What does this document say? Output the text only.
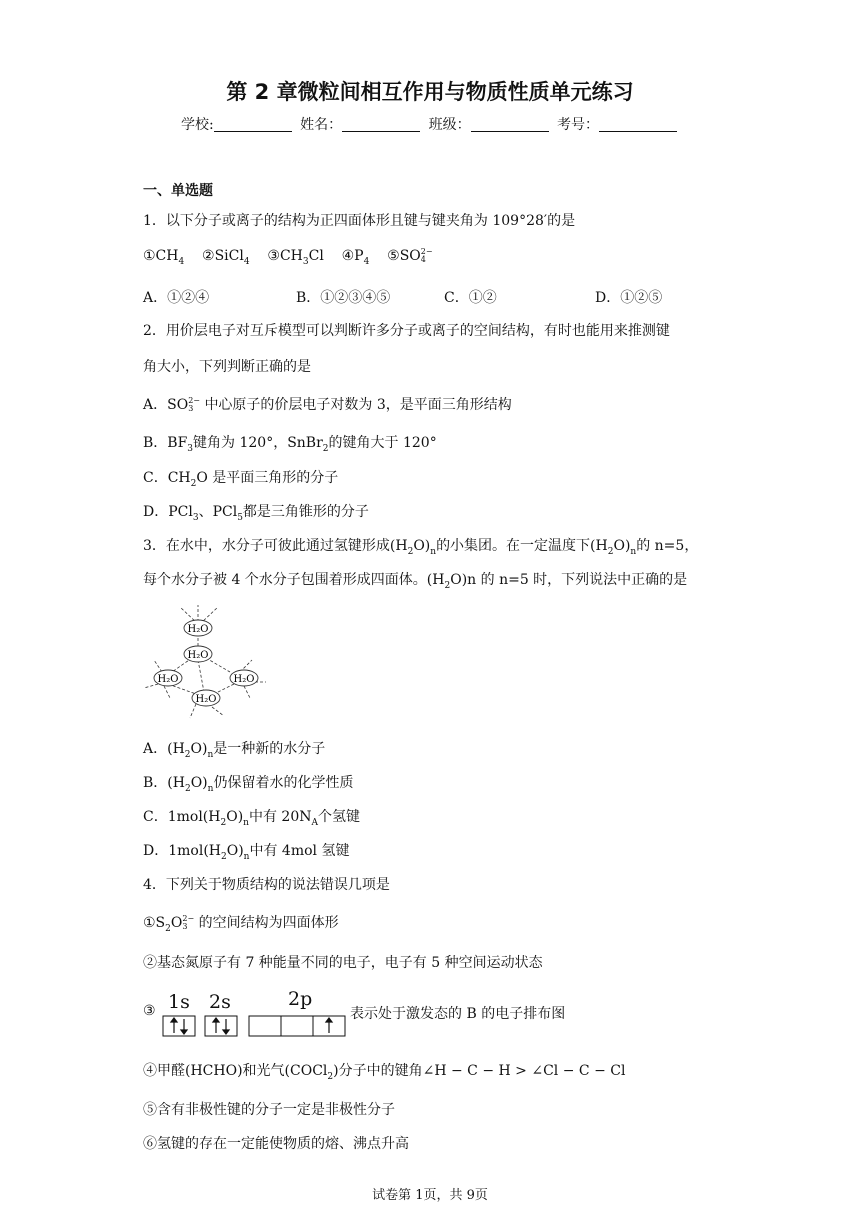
第 2 章微粒间相互作用与物质性质单元练习
学校:	姓名：	班级：	考号：
一、单选题
1．以下分子或离子的结构为正四面体形且键与键夹角为 109°28′的是
$①CH_4$ ②SiCl$_4$ $③CH_3Cl$ $④P_4$ ⑤SO2−
4
A．①②④	B．①②③④⑤	C．①②	D．①②⑤
2．用价层电子对互斥模型可以判断许多分子或离子的空间结构，有时也能用来推测键
角大小，下列判断正确的是
A．SO2−
3 中心原子的价层电子对数为 3，是平面三角形结构
B．$BF_3$键角为 120°，SnBr$_2$的键角大于 120°
C．$CH_2O$ 是平面三角形的分子
D．PCl$_3$、PCl$_5$都是三角锥形的分子
3．在水中，水分子可彼此通过氢键形成$(H_2O)_n$的小集团。在一定温度下$(H_2O)_n$的 n=5，
每个水分子被 4 个水分子包围着形成四面体。$(H_2O)n$ 的 n=5 时，下列说法中正确的是
H₂O
H₂O
H₂O	H₂O
H₂O
A．$(H_2O)_n$是一种新的水分子
B．$(H_2O)_n$仍保留着水的化学性质
C．$1mol(H_2O)_n$中有 $20N_A$个氢键
D．$1mol(H_2O)_n$中有 4mol 氢键
4．下列关于物质结构的说法错误几项是
$①S_2O2-$
3 的空间结构为四面体形
②基态氮原子有 7 种能量不同的电子，电子有 5 种空间运动状态
③ 1s 2s	2p
表示处于激发态的 B 的电子排布图
④甲醛(HCHO)和光气(COCl$_2$)分子中的键角∠H − C − H > ∠Cl − C − Cl
⑤含有非极性键的分子一定是非极性分子
⑥氢键的存在一定能使物质的熔、沸点升高
试卷第 1页，共 9页
